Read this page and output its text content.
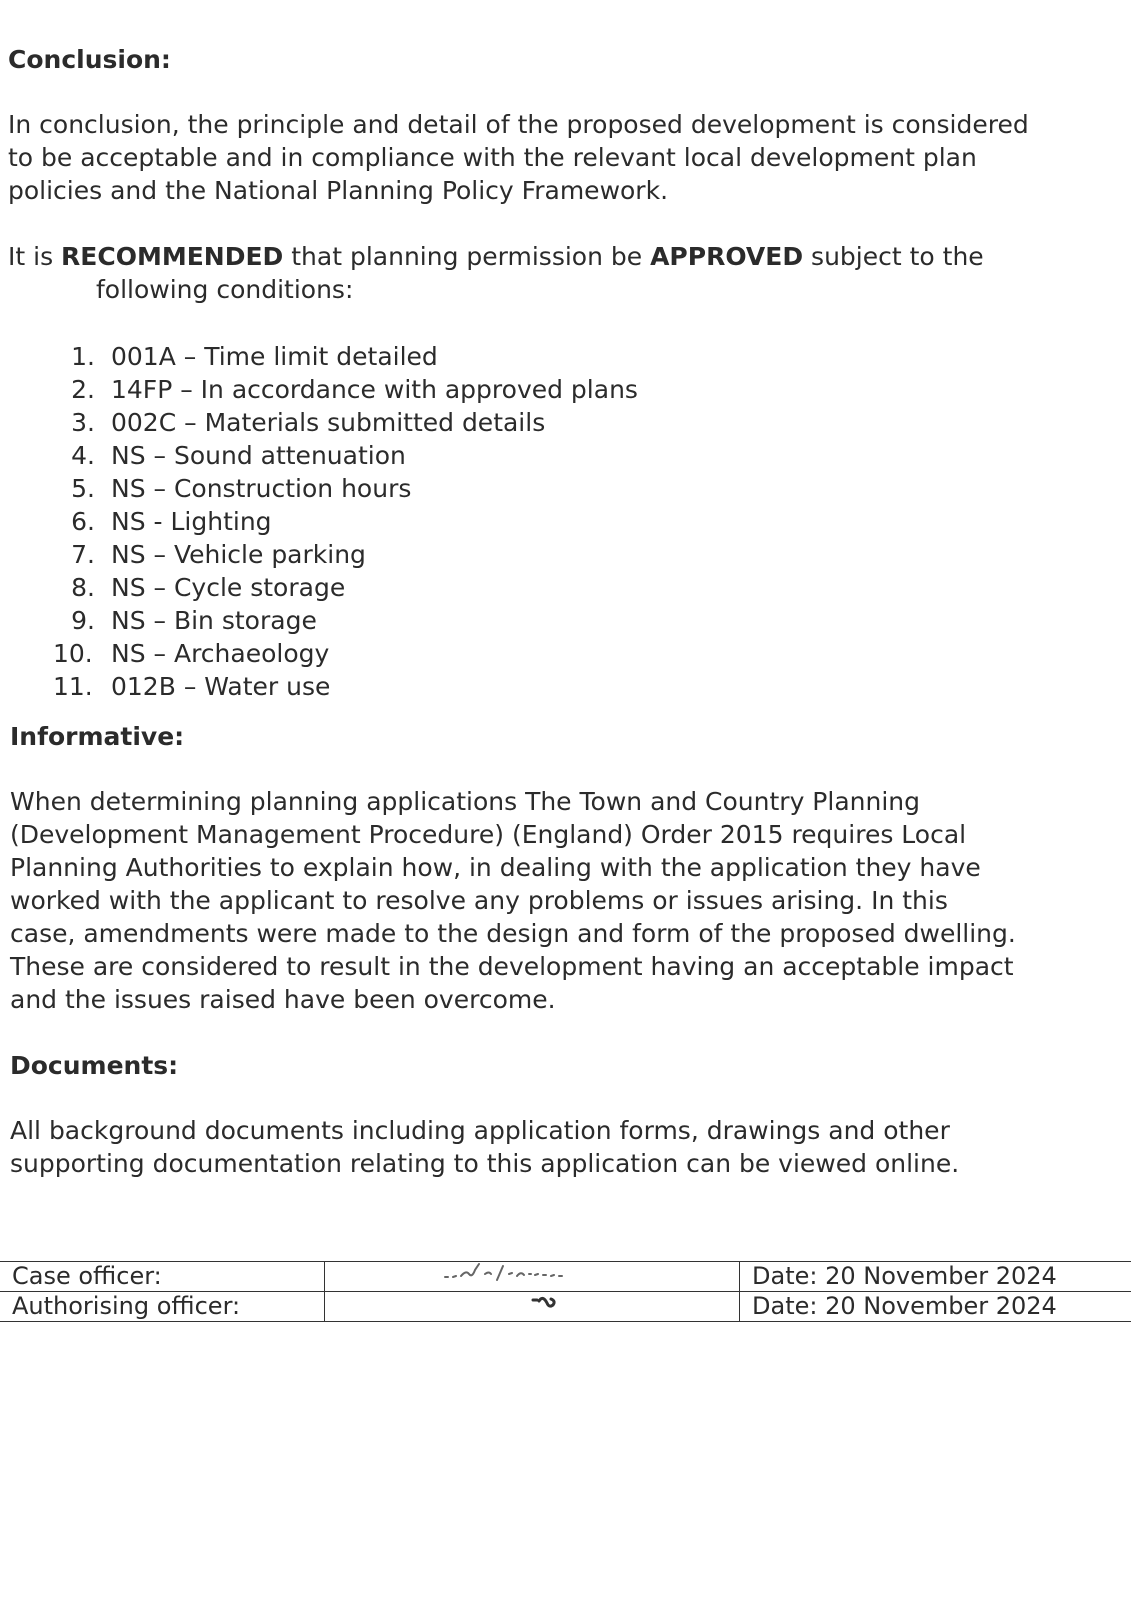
Conclusion:

In conclusion, the principle and detail of the proposed development is considered
to be acceptable and in compliance with the relevant local development plan
policies and the National Planning Policy Framework.

It is RECOMMENDED that planning permission be APPROVED subject to the
following conditions:

1. 001A – Time limit detailed
2. 14FP – In accordance with approved plans
3. 002C – Materials submitted details
4. NS – Sound attenuation
5. NS – Construction hours
6. NS - Lighting
7. NS – Vehicle parking
8. NS – Cycle storage
9. NS – Bin storage
10. NS – Archaeology
11. 012B – Water use
Informative:

When determining planning applications The Town and Country Planning
(Development Management Procedure) (England) Order 2015 requires Local
Planning Authorities to explain how, in dealing with the application they have
worked with the applicant to resolve any problems or issues arising. In this
case, amendments were made to the design and form of the proposed dwelling.
These are considered to result in the development having an acceptable impact
and the issues raised have been overcome.

Documents:

All background documents including application forms, drawings and other
supporting documentation relating to this application can be viewed online.

Case officer:		Date: 20 November 2024
Authorising officer:		Date: 20 November 2024
